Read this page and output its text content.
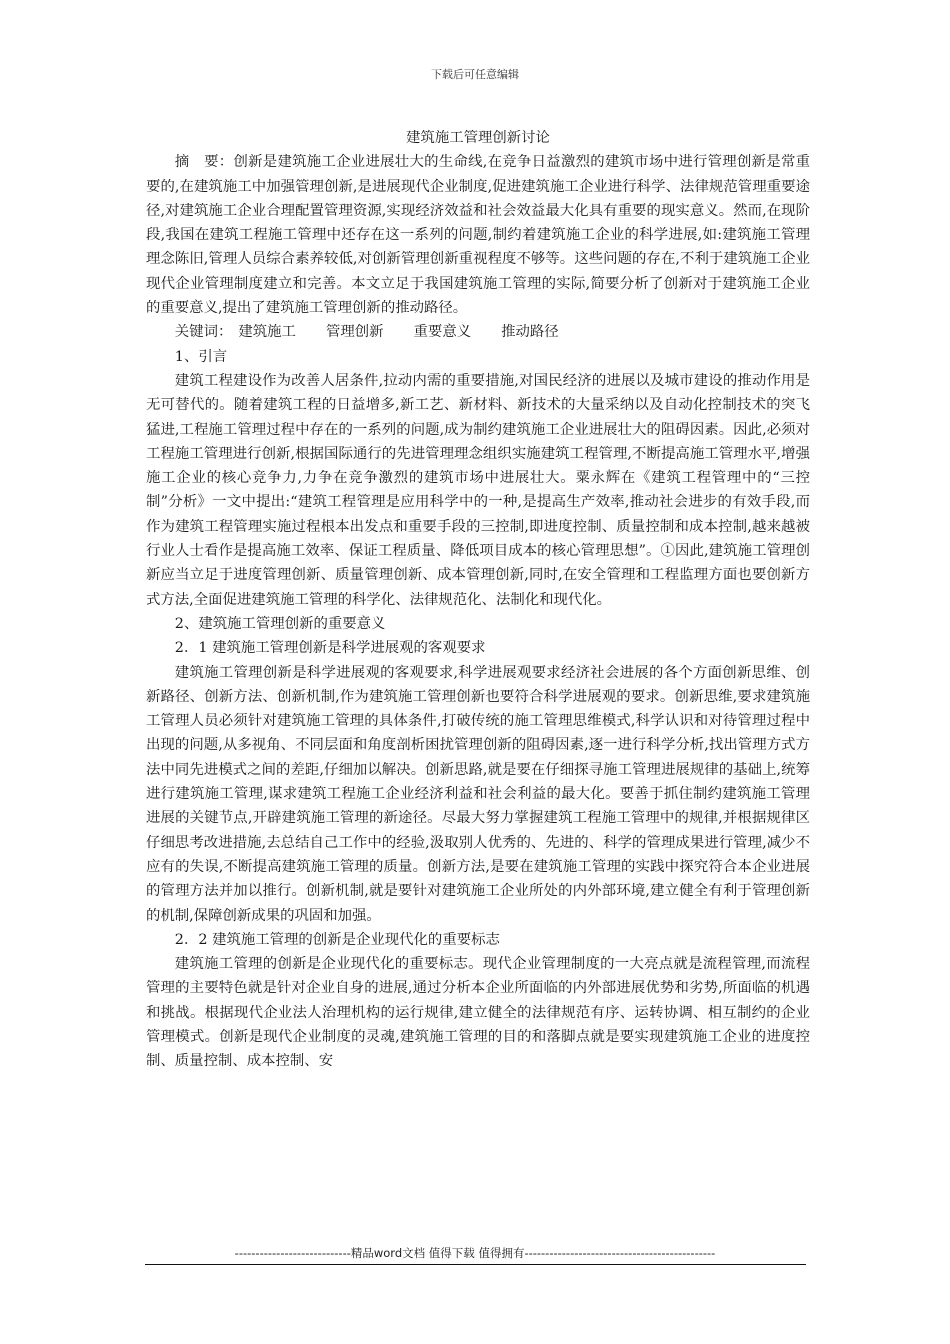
下载后可任意编辑
建筑施工管理创新讨论

摘　要：创新是建筑施工企业进展壮大的生命线,在竞争日益激烈的建筑市场中进行管理创新是常重要的,在建筑施工中加强管理创新,是进展现代企业制度,促进建筑施工企业进行科学、法律规范管理重要途径,对建筑施工企业合理配置管理资源,实现经济效益和社会效益最大化具有重要的现实意义。然而,在现阶段,我国在建筑工程施工管理中还存在这一系列的问题,制约着建筑施工企业的科学进展,如:建筑施工管理理念陈旧,管理人员综合素养较低,对创新管理创新重视程度不够等。这些问题的存在,不利于建筑施工企业现代企业管理制度建立和完善。本文立足于我国建筑施工管理的实际,简要分析了创新对于建筑施工企业的重要意义,提出了建筑施工管理创新的推动路径。

关键词： 建筑施工 管理创新 重要意义 推动路径

1、引言

建筑工程建设作为改善人居条件,拉动内需的重要措施,对国民经济的进展以及城市建设的推动作用是无可替代的。随着建筑工程的日益增多,新工艺、新材料、新技术的大量采纳以及自动化控制技术的突飞猛进,工程施工管理过程中存在的一系列的问题,成为制约建筑施工企业进展壮大的阻碍因素。因此,必须对工程施工管理进行创新,根据国际通行的先进管理理念组织实施建筑工程管理,不断提高施工管理水平,增强施工企业的核心竞争力,力争在竞争激烈的建筑市场中进展壮大。粟永辉在《建筑工程管理中的“三控制”分析》一文中提出:“建筑工程管理是应用科学中的一种,是提高生产效率,推动社会进步的有效手段,而作为建筑工程管理实施过程根本出发点和重要手段的三控制,即进度控制、质量控制和成本控制,越来越被行业人士看作是提高施工效率、保证工程质量、降低项目成本的核心管理思想”。①因此,建筑施工管理创新应当立足于进度管理创新、质量管理创新、成本管理创新,同时,在安全管理和工程监理方面也要创新方式方法,全面促进建筑施工管理的科学化、法律规范化、法制化和现代化。

2、建筑施工管理创新的重要意义

2．1 建筑施工管理创新是科学进展观的客观要求

建筑施工管理创新是科学进展观的客观要求,科学进展观要求经济社会进展的各个方面创新思维、创新路径、创新方法、创新机制,作为建筑施工管理创新也要符合科学进展观的要求。创新思维,要求建筑施工管理人员必须针对建筑施工管理的具体条件,打破传统的施工管理思维模式,科学认识和对待管理过程中出现的问题,从多视角、不同层面和角度剖析困扰管理创新的阻碍因素,逐一进行科学分析,找出管理方式方法中同先进模式之间的差距,仔细加以解决。创新思路,就是要在仔细探寻施工管理进展规律的基础上,统筹进行建筑施工管理,谋求建筑工程施工企业经济利益和社会利益的最大化。要善于抓住制约建筑施工管理进展的关键节点,开辟建筑施工管理的新途径。尽最大努力掌握建筑工程施工管理中的规律,并根据规律区仔细思考改进措施,去总结自己工作中的经验,汲取别人优秀的、先进的、科学的管理成果进行管理,减少不应有的失误,不断提高建筑施工管理的质量。创新方法,是要在建筑施工管理的实践中探究符合本企业进展的管理方法并加以推行。创新机制,就是要针对建筑施工企业所处的内外部环境,建立健全有利于管理创新的机制,保障创新成果的巩固和加强。

2．2 建筑施工管理的创新是企业现代化的重要标志

建筑施工管理的创新是企业现代化的重要标志。现代企业管理制度的一大亮点就是流程管理,而流程管理的主要特色就是针对企业自身的进展,通过分析本企业所面临的内外部进展优势和劣势,所面临的机遇和挑战。根据现代企业法人治理机构的运行规律,建立健全的法律规范有序、运转协调、相互制约的企业管理模式。创新是现代企业制度的灵魂,建筑施工管理的目的和落脚点就是要实现建筑施工企业的进度控制、质量控制、成本控制、安

----------------------------精品word文档 值得下载 值得拥有----------------------------------------------
